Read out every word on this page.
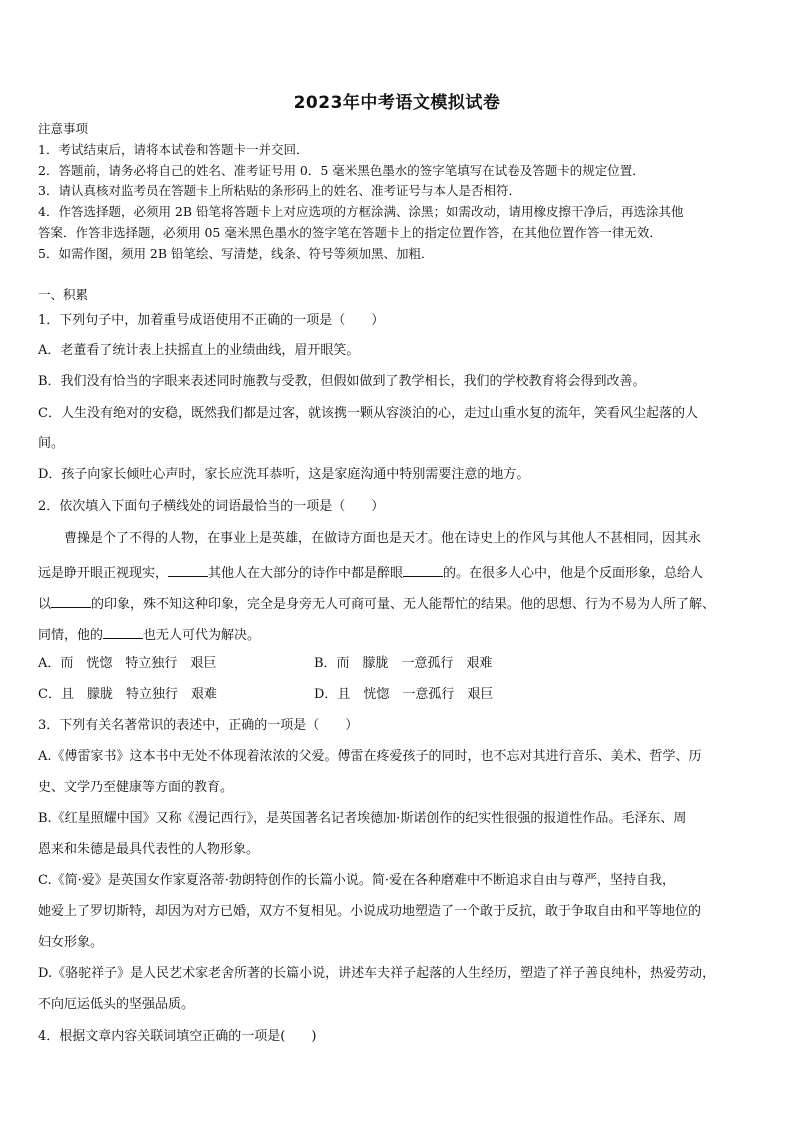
2023年中考语文模拟试卷
注意事项
1．考试结束后，请将本试卷和答题卡一并交回．
2．答题前，请务必将自己的姓名、准考证号用 0．5 毫米黑色墨水的签字笔填写在试卷及答题卡的规定位置．
3．请认真核对监考员在答题卡上所粘贴的条形码上的姓名、准考证号与本人是否相符．
4．作答选择题，必须用 2B 铅笔将答题卡上对应选项的方框涂满、涂黑；如需改动，请用橡皮擦干净后，再选涂其他
答案．作答非选择题，必须用 05 毫米黑色墨水的签字笔在答题卡上的指定位置作答，在其他位置作答一律无效．
5．如需作图，须用 2B 铅笔绘、写清楚，线条、符号等须加黑、加粗．
一、积累
1．下列句子中，加着重号成语使用不正确的一项是（　　）
A．老董看了统计表上扶摇直上的业绩曲线，眉开眼笑。
B．我们没有恰当的字眼来表述同时施教与受教，但假如做到了教学相长，我们的学校教育将会得到改善。
C．人生没有绝对的安稳，既然我们都是过客，就该携一颗从容淡泊的心，走过山重水复的流年，笑看风尘起落的人
间。
D．孩子向家长倾吐心声时，家长应洗耳恭听，这是家庭沟通中特别需要注意的地方。
2．依次填入下面句子横线处的词语最恰当的一项是（　　）
　　曹操是个了不得的人物，在事业上是英雄，在做诗方面也是天才。他在诗史上的作风与其他人不甚相同，因其永
远是睁开眼正视现实，	其他人在大部分的诗作中都是醉眼	的。在很多人心中，他是个反面形象，总给人
以	的印象，殊不知这种印象，完全是身旁无人可商可量、无人能帮忙的结果。他的思想、行为不易为人所了解、
同情，他的	也无人可代为解决。
A．而　恍惚　特立独行　艰巨	B．而　朦胧　一意孤行　艰难
C．且　朦胧　特立独行　艰难	D．且　恍惚　一意孤行　艰巨
3．下列有关名著常识的表述中，正确的一项是（　　）
A.《傅雷家书》这本书中无处不体现着浓浓的父爱。傅雷在疼爱孩子的同时，也不忘对其进行音乐、美术、哲学、历
史、文学乃至健康等方面的教育。
B.《红星照耀中国》又称《漫记西行》，是英国著名记者埃德加·斯诺创作的纪实性很强的报道性作品。毛泽东、周
恩来和朱德是最具代表性的人物形象。
C.《简·爱》是英国女作家夏洛蒂·勃朗特创作的长篇小说。简·爱在各种磨难中不断追求自由与尊严，坚持自我，
她爱上了罗切斯特，却因为对方已婚，双方不复相见。小说成功地塑造了一个敢于反抗，敢于争取自由和平等地位的
妇女形象。
D.《骆驼祥子》是人民艺术家老舍所著的长篇小说，讲述车夫祥子起落的人生经历，塑造了祥子善良纯朴，热爱劳动，
不向厄运低头的坚强品质。
4．根据文章内容关联词填空正确的一项是(　　)
